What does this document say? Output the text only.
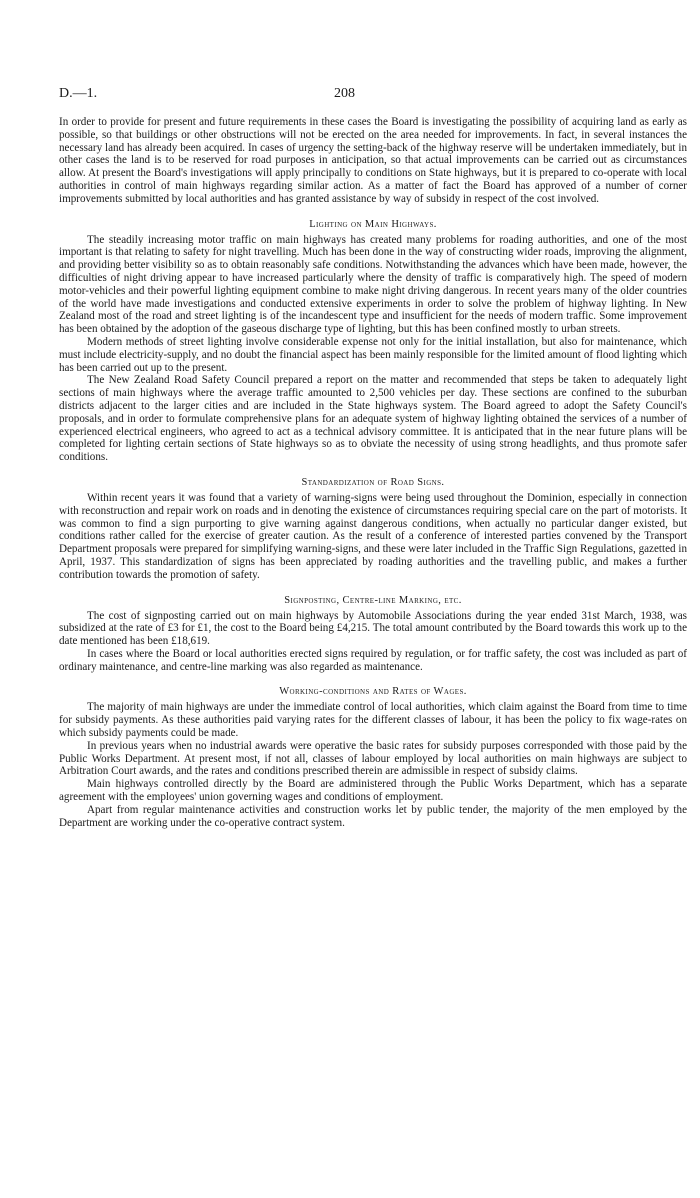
D.—1.	208

In order to provide for present and future requirements in these cases the Board is investigating the possibility of acquiring land as early as possible, so that buildings or other obstructions will not be erected on the area needed for improvements. In fact, in several instances the necessary land has already been acquired. In cases of urgency the setting-back of the highway reserve will be undertaken immediately, but in other cases the land is to be reserved for road purposes in anticipation, so that actual improvements can be carried out as circumstances allow. At present the Board's investigations will apply principally to conditions on State highways, but it is prepared to co-operate with local authorities in control of main highways regarding similar action. As a matter of fact the Board has approved of a number of corner improvements submitted by local authorities and has granted assistance by way of subsidy in respect of the cost involved.

Lighting on Main Highways.

The steadily increasing motor traffic on main highways has created many problems for roading authorities, and one of the most important is that relating to safety for night travelling. Much has been done in the way of constructing wider roads, improving the alignment, and providing better visibility so as to obtain reasonably safe conditions. Notwithstanding the advances which have been made, however, the difficulties of night driving appear to have increased particularly where the density of traffic is comparatively high. The speed of modern motor-vehicles and their powerful lighting equipment combine to make night driving dangerous. In recent years many of the older countries of the world have made investigations and conducted extensive experiments in order to solve the problem of highway lighting. In New Zealand most of the road and street lighting is of the incandescent type and insufficient for the needs of modern traffic. Some improvement has been obtained by the adoption of the gaseous discharge type of lighting, but this has been confined mostly to urban streets.

Modern methods of street lighting involve considerable expense not only for the initial installation, but also for maintenance, which must include electricity-supply, and no doubt the financial aspect has been mainly responsible for the limited amount of flood lighting which has been carried out up to the present.

The New Zealand Road Safety Council prepared a report on the matter and recommended that steps be taken to adequately light sections of main highways where the average traffic amounted to 2,500 vehicles per day. These sections are confined to the suburban districts adjacent to the larger cities and are included in the State highways system. The Board agreed to adopt the Safety Council's proposals, and in order to formulate comprehensive plans for an adequate system of highway lighting obtained the services of a number of experienced electrical engineers, who agreed to act as a technical advisory committee. It is anticipated that in the near future plans will be completed for lighting certain sections of State highways so as to obviate the necessity of using strong headlights, and thus promote safer conditions.

Standardization of Road Signs.

Within recent years it was found that a variety of warning-signs were being used throughout the Dominion, especially in connection with reconstruction and repair work on roads and in denoting the existence of circumstances requiring special care on the part of motorists. It was common to find a sign purporting to give warning against dangerous conditions, when actually no particular danger existed, but conditions rather called for the exercise of greater caution. As the result of a conference of interested parties convened by the Transport Department proposals were prepared for simplifying warning-signs, and these were later included in the Traffic Sign Regulations, gazetted in April, 1937. This standardization of signs has been appreciated by roading authorities and the travelling public, and makes a further contribution towards the promotion of safety.

Signposting, Centre-line Marking, etc.

The cost of signposting carried out on main highways by Automobile Associations during the year ended 31st March, 1938, was subsidized at the rate of £3 for £1, the cost to the Board being £4,215. The total amount contributed by the Board towards this work up to the date mentioned has been £18,619.

In cases where the Board or local authorities erected signs required by regulation, or for traffic safety, the cost was included as part of ordinary maintenance, and centre-line marking was also regarded as maintenance.

Working-conditions and Rates of Wages.

The majority of main highways are under the immediate control of local authorities, which claim against the Board from time to time for subsidy payments. As these authorities paid varying rates for the different classes of labour, it has been the policy to fix wage-rates on which subsidy payments could be made.

In previous years when no industrial awards were operative the basic rates for subsidy purposes corresponded with those paid by the Public Works Department. At present most, if not all, classes of labour employed by local authorities on main highways are subject to Arbitration Court awards, and the rates and conditions prescribed therein are admissible in respect of subsidy claims.

Main highways controlled directly by the Board are administered through the Public Works Department, which has a separate agreement with the employees' union governing wages and conditions of employment.

Apart from regular maintenance activities and construction works let by public tender, the majority of the men employed by the Department are working under the co-operative contract system.
